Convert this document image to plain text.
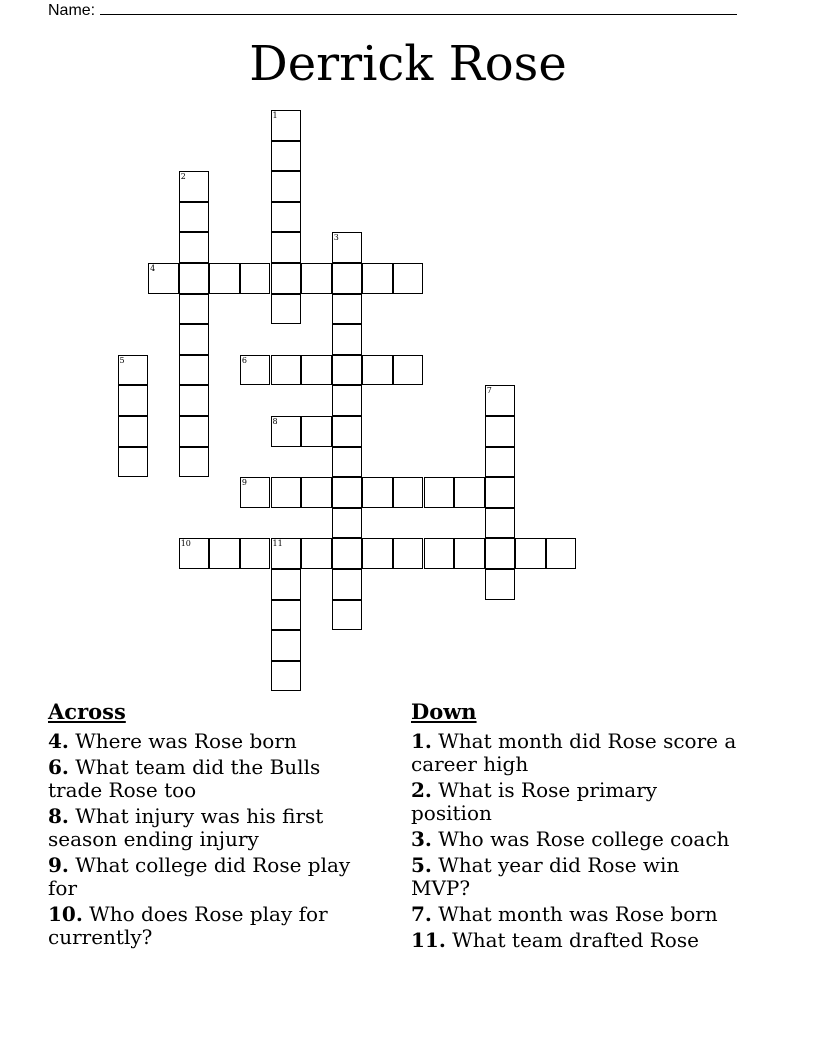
Name:
Derrick Rose
1
2
3
4
5	6
7
8
9
10	11
Across
4. Where was Rose born
6. What team did the Bulls trade Rose too
8. What injury was his first season ending injury
9. What college did Rose play for
10. Who does Rose play for currently?
Down
1. What month did Rose score a career high
2. What is Rose primary position
3. Who was Rose college coach
5. What year did Rose win MVP?
7. What month was Rose born
11. What team drafted Rose
